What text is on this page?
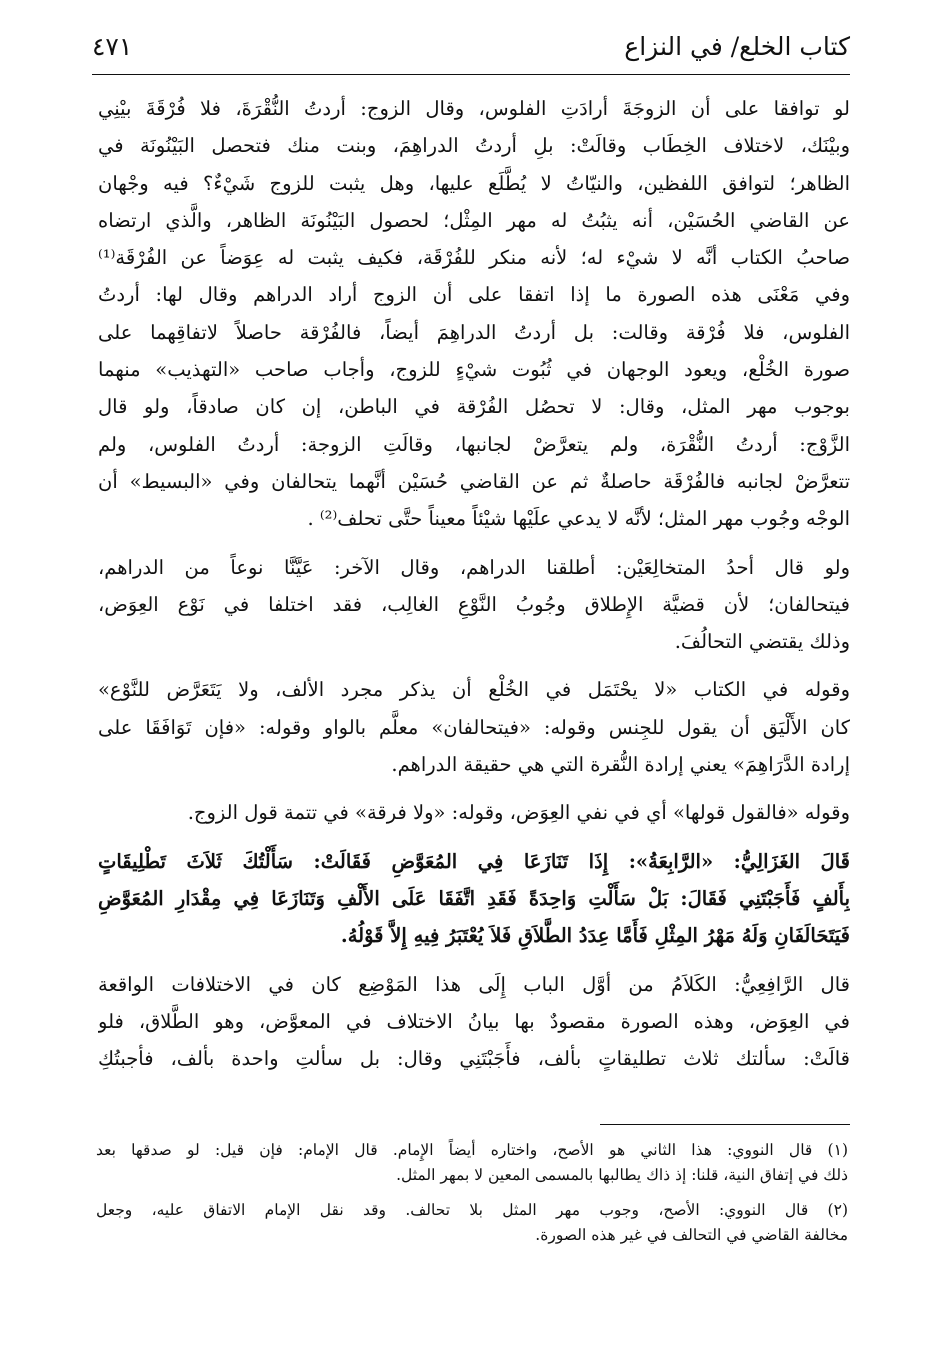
كتاب الخلع/ في النزاع
٤٧١
لو توافقا على أن الزوجَةَ أرادَتِ الفلوس، وقال الزوج: أردتُ النُّقْرَةَ، فلا فُرْقَةَ بيْنِي
وبيْنَك، لاختلاف الخِطَاب وقالَتْ: بلِ أردتُ الدراهِمَ، وبنت منك فتحصل البَيْنُونَة في
الظاهر؛ لتوافق اللفظين، والنيّاتُ لا يُطَّلَع عليها، وهل يثبت للزوج شَيْءٌ؟ فيه وجْهان
عن القاضي الحُسَيْن، أنه يثبُتُ له مهر المِثْل؛ لحصول البَيْنُونَة الظاهر، والَّذي ارتضاه
صاحبُ الكتاب أنَّه لا شيْء له؛ لأنه منكر للفُرْقَة، فكيف يثبت له عِوَضاً عن الفُرْقَة⁽¹⁾
وفي مَعْنَى هذه الصورة ما إذا اتفقا على أن الزوج أراد الدراهم وقال لها: أردتُ
الفلوس، فلا فُرْقة وقالت: بل أردتُ الدراهِمَ أيضاً، فالفُرْقة حاصلاً لاتفاقِهما على
صورة الخُلْع، ويعود الوجهان في ثُبُوت شيْءٍ للزوج، وأجاب صاحب «التهذيب» منهما
بوجوب مهر المثل، وقال: لا تحصُل الفُرْقة في الباطن، إن كان صادقاً، ولو قال
الزَّوْج: أردتُ النُّقْرَة، ولم يتعرَّضْ لجانبها، وقالَتِ الزوجة: أردتُ الفلوس، ولم
تتعرَّضْ لجانبه فالفُرْقَة حاصلةٌ ثم عن القاضي حُسَيْن أنَّهما يتحالفان وفي «البسيط» أن
الوجْه وجُوب مهر المثل؛ لأنَّه لا يدعي علَيْها شيْئاً معيناً حتَّى تحلف⁽²⁾ .
ولو قال أحدُ المتخالِعَيْن: أطلقنا الدراهم، وقال الآخر: عَيَّنَّا نوعاً من الدراهم،
فيتحالفان؛ لأن قضيَّة الإِطلاق وجُوبُ النَّوْعِ الغالِب، فقد اختلفا في نَوْع العِوَض،
وذلك يقتضي التحالُفَ.
وقوله في الكتاب «لا يحْتَمَل في الخُلْع أن يذكر مجرد الألف، ولا يَتَعَرَّض للنَّوْع»
كان الأَلْيَق أن يقول للجِنس وقوله: «فيتحالفان» معلَّم بالواو وقوله: «فإن تَوَافَقَا على
إرادة الدَّرَاهِمَ» يعني إرادة النُّقرة التي هي حقيقة الدراهم.
وقوله «فالقول قولها» أي في نفي العِوَض، وقوله: «ولا فرقة» في تتمة قول الزوج.
قَالَ الغَزَالِيُّ: «الرَّابِعَةُ»: إِذَا تَنَازَعَا فِي المُعَوَّضِ فَقَالَتْ: سَأَلْتُكَ ثَلاَثَ تَطْلِيقَاتٍ
بِأَلفٍ فَأَجَبْتَنِي فَقَالَ: بَلْ سَأَلْتِ وَاحِدَةً فَقَدِ اتَّفَقَا عَلَى الأَلْفِ وَتَنَازَعَا فِي مِقْدَارِ المُعَوَّضِ
فَيَتَحَالَفَانِ وَلَهُ مَهْرُ المِثْلِ فَأَمَّا عِدَدُ الطَّلاَقِ فَلاَ يُعْتَبَرُ فِيهِ إِلاَّ قَوْلُهُ.
قال الرَّافِعِيُّ: الكَلاَمُ من أوَّل الباب إِلَى هذا المَوْضِع كان في الاختلافات الواقعة
في العِوَض، وهذه الصورة مقصودٌ بها بيانُ الاختلاف في المعوَّض، وهو الطَّلاق، فلو
قالَتْ: سألتك ثلاث تطليقاتٍ بألف، فأَجَبْتَنِي وقال: بل سألتِ واحدة بألف، فأجبتُكِ
(١) قال النووي: هذا الثاني هو الأصح، واختاره أيضاً الإِمام. قال الإمام: فإن قيل: لو صدقها بعد
ذلك في إتفاق النية، قلنا: إذ ذاك يطالبها بالمسمى المعين لا بمهر المثل.
(٢) قال النووي: الأصح، وجوب مهر المثل بلا تحالف. وقد نقل الإمام الاتفاق عليه، وجعل
مخالفة القاضي في التحالف في غير هذه الصورة.
